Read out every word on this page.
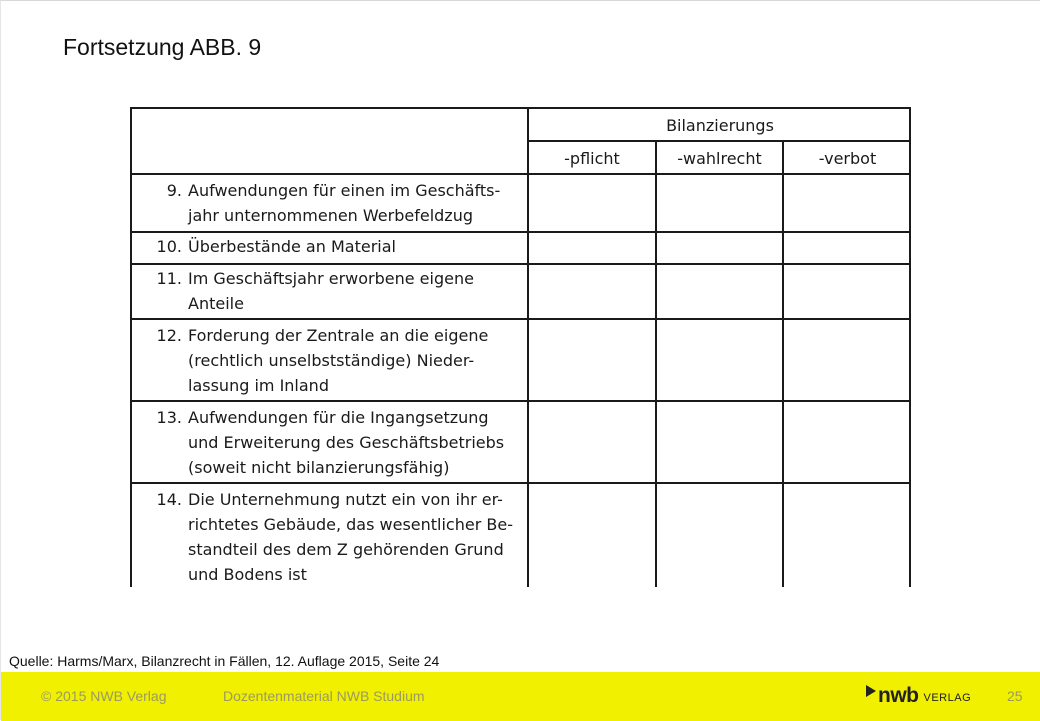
Fortsetzung ABB. 9
Bilanzierungs
-pflicht	-wahlrecht	-verbot
9. Aufwendungen für einen im Geschäfts-
jahr unternommenen Werbefeldzug
10. Überbestände an Material
11. Im Geschäftsjahr erworbene eigene
Anteile
12. Forderung der Zentrale an die eigene
(rechtlich unselbstständige) Nieder-
lassung im Inland
13. Aufwendungen für die Ingangsetzung
und Erweiterung des Geschäftsbetriebs
(soweit nicht bilanzierungsfähig)
14. Die Unternehmung nutzt ein von ihr er-
richtetes Gebäude, das wesentlicher Be-
standteil des dem Z gehörenden Grund
und Bodens ist
Quelle: Harms/Marx, Bilanzrecht in Fällen, 12. Auflage 2015, Seite 24
© 2015 NWB Verlag	Dozentenmaterial NWB Studium	nwb VERLAG	25
